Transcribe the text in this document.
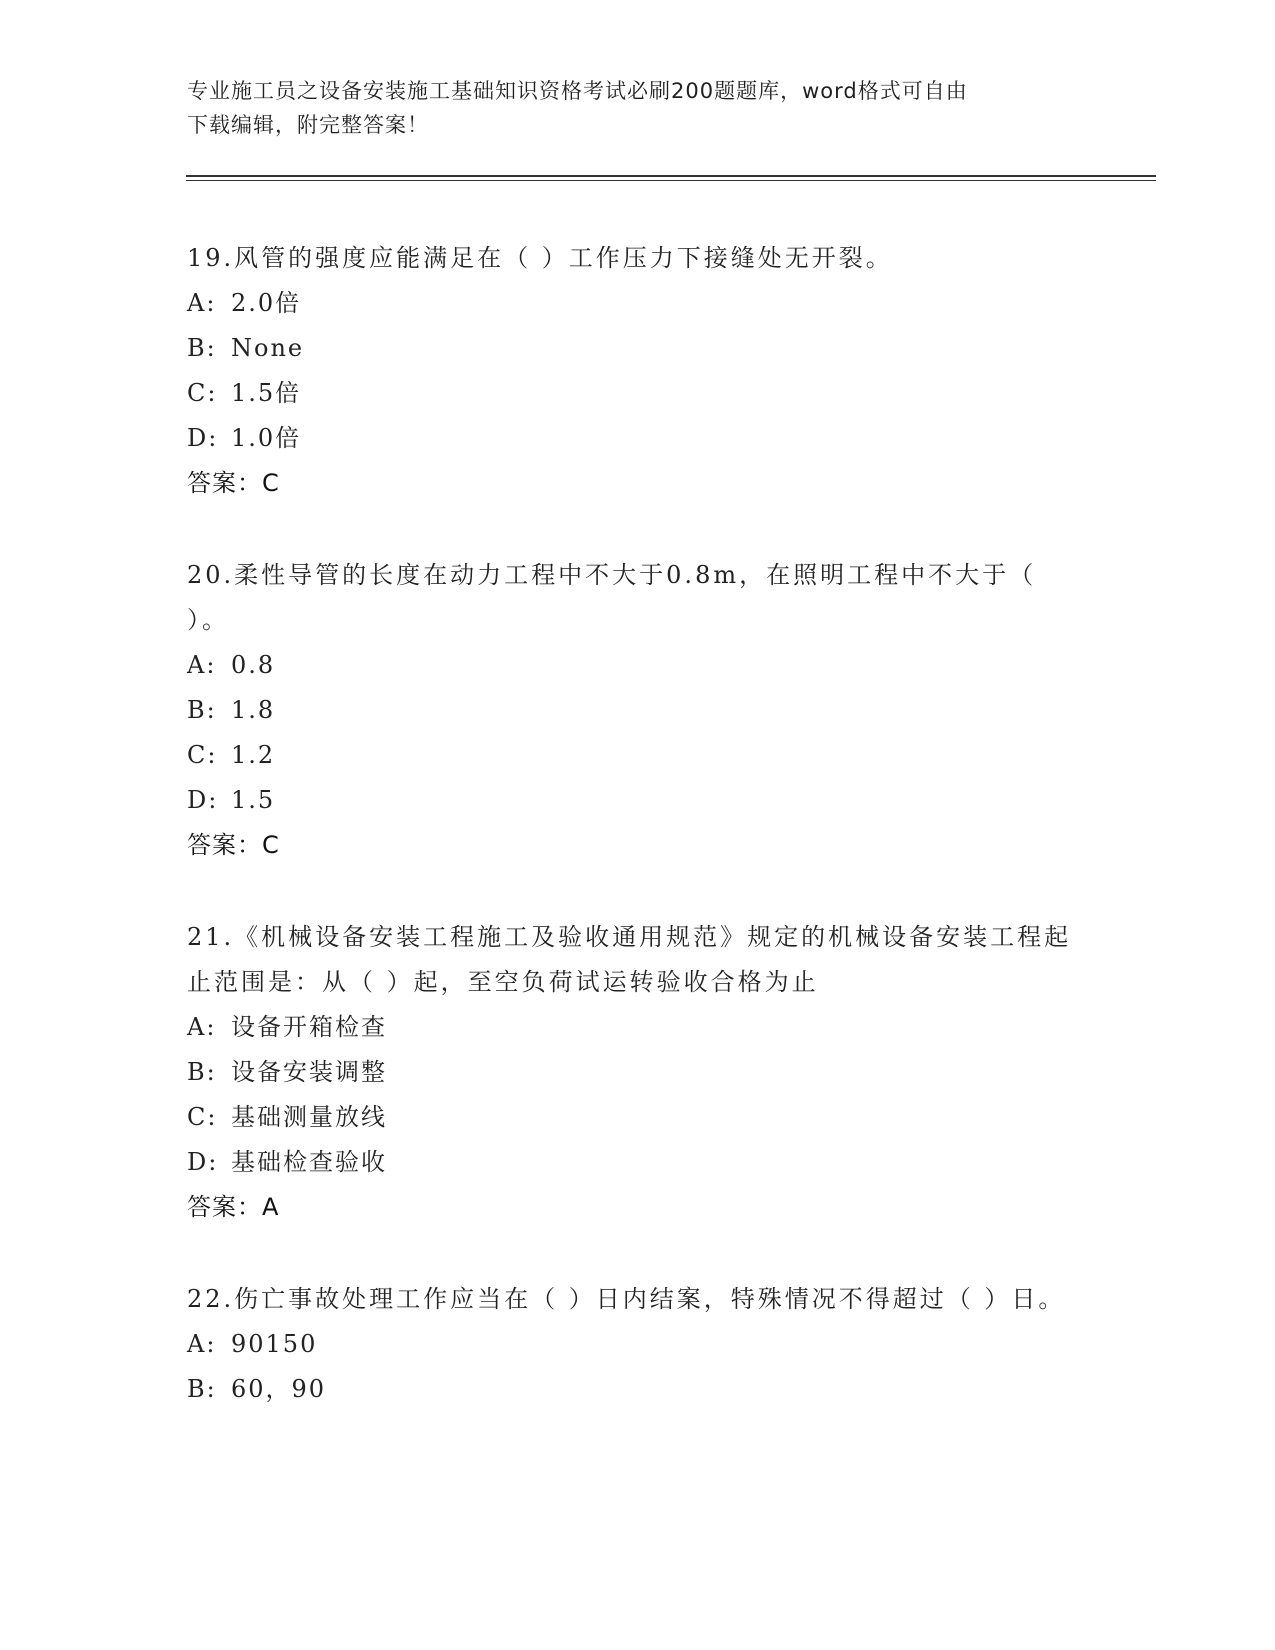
专业施工员之设备安装施工基础知识资格考试必刷200题题库，word格式可自由
下载编辑，附完整答案！

19.风管的强度应能满足在（ ）工作压力下接缝处无开裂。

A: 2.0倍

B: None

C: 1.5倍

D: 1.0倍

答案：C

20.柔性导管的长度在动力工程中不大于0.8m，在照明工程中不大于（ ）。

A: 0.8

B: 1.8

C: 1.2

D: 1.5

答案：C

21.《机械设备安装工程施工及验收通用规范》规定的机械设备安装工程起止范围是：从（ ）起，至空负荷试运转验收合格为止

A: 设备开箱检查

B: 设备安装调整

C: 基础测量放线

D: 基础检查验收

答案：A

22.伤亡事故处理工作应当在（ ）日内结案，特殊情况不得超过（ ）日。

A: 90150

B: 60，90
